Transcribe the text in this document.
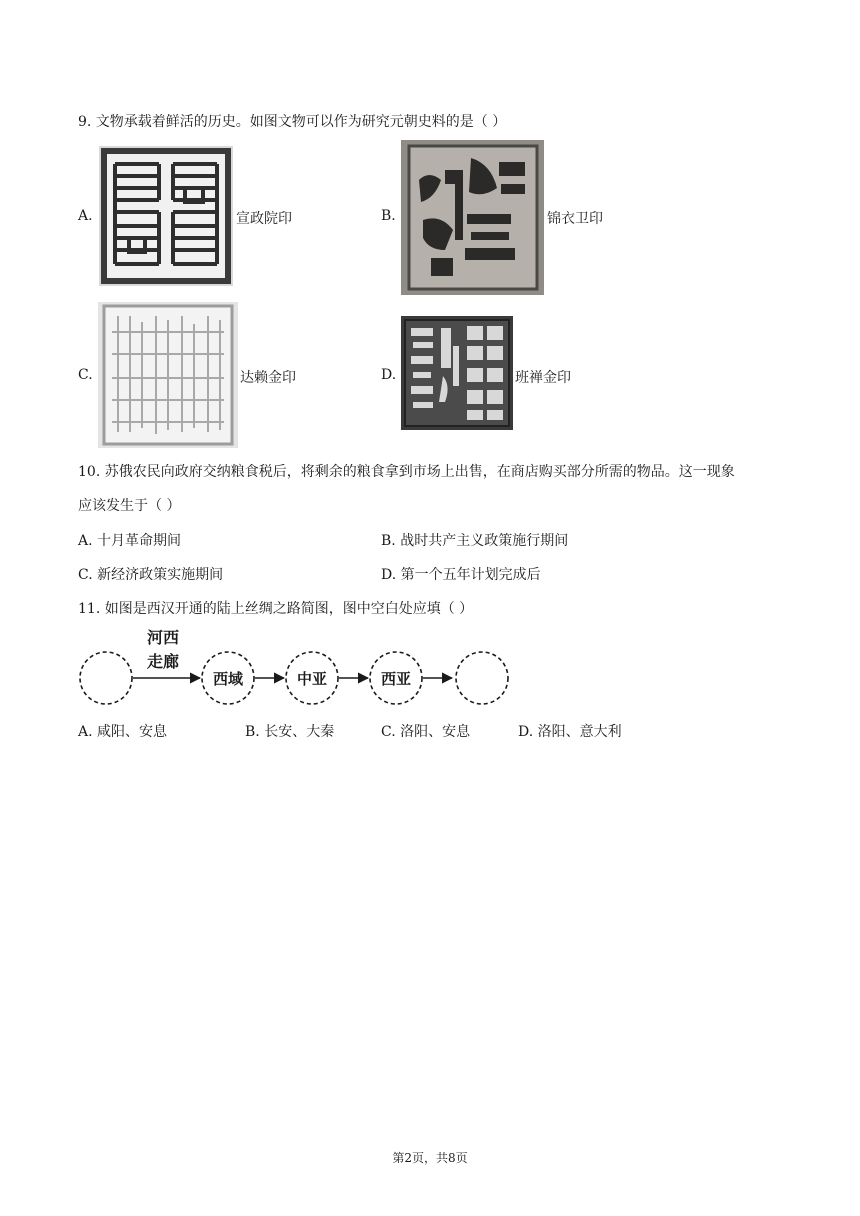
9. 文物承载着鲜活的历史。如图文物可以作为研究元朝史料的是（ ）
A.	宣政院印	B.	锦衣卫印
C.	达赖金印	D.	班禅金印
10. 苏俄农民向政府交纳粮食税后，将剩余的粮食拿到市场上出售，在商店购买部分所需的物品。这一现象
应该发生于（ ）
A. 十月革命期间	B. 战时共产主义政策施行期间
C. 新经济政策实施期间	D. 第一个五年计划完成后
11. 如图是西汉开通的陆上丝绸之路简图，图中空白处应填（ ）
河西
走廊
西域	中亚	西亚
A. 咸阳、安息	B. 长安、大秦	C. 洛阳、安息	D. 洛阳、意大利
第2页，共8页
